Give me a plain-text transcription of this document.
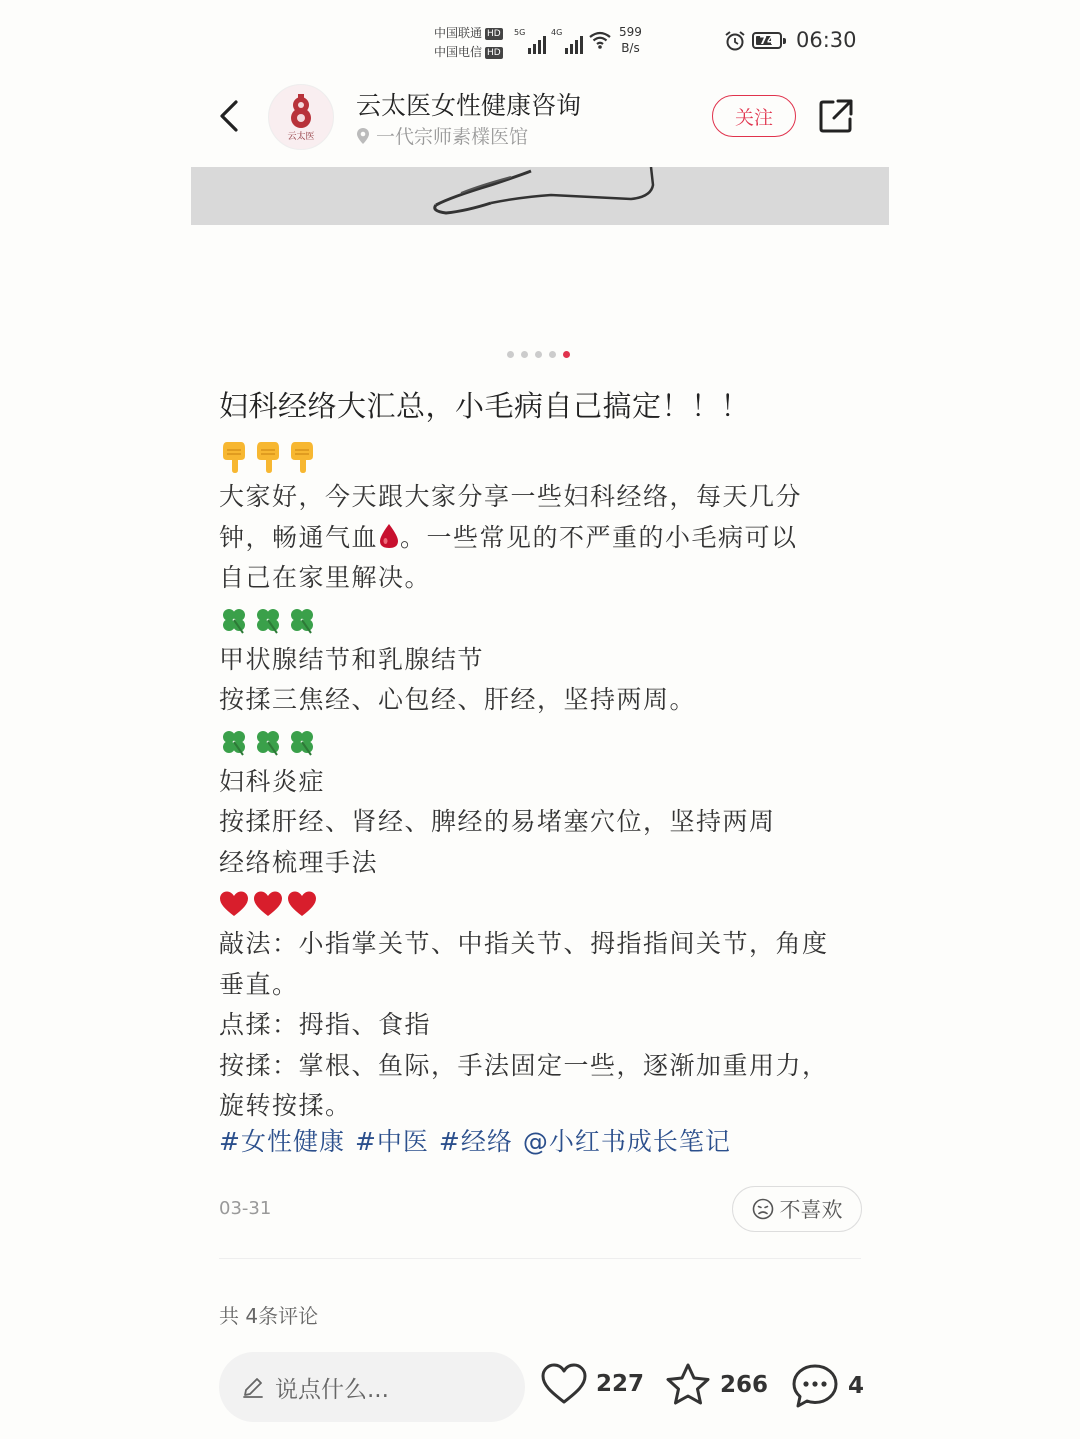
中国联通 HD
中国电信 HD
5G	4G	599
B/s
74 06:30
云太医
云太医女性健康咨询
一代宗师素檏医馆
关注
妇科经络大汇总，小毛病自己搞定！！！
大家好，今天跟大家分享一些妇科经络，每天几分
钟，畅通气血 。一些常见的不严重的小毛病可以
自己在家里解决。
甲状腺结节和乳腺结节
按揉三焦经、心包经、肝经，坚持两周。
妇科炎症
按揉肝经、肾经、脾经的易堵塞穴位，坚持两周
经络梳理手法
敲法：小指掌关节、中指关节、拇指指间关节，角度
垂直。
点揉：拇指、食指
按揉：掌根、鱼际，手法固定一些，逐渐加重用力，
旋转按揉。
#女性健康 #中医 #经络 @小红书成长笔记
03-31	不喜欢
共 4条评论
说点什么...	227	266	4
